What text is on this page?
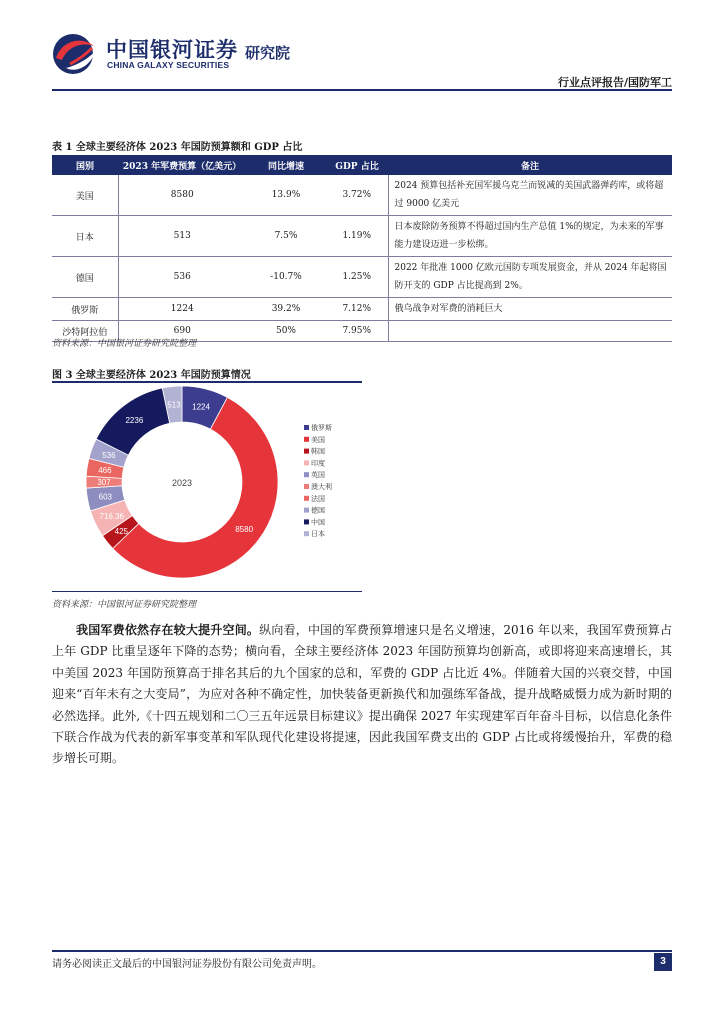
中国银河证券
CHINA GALAXY SECURITIES
研究院
行业点评报告/国防军工
表 1 全球主要经济体 2023 年国防预算额和 GDP 占比
国别	2023 年军费预算（亿美元）	同比增速	GDP 占比	备注
美国	8580	13.9%	3.72%	2024 预算包括补充国军援乌克兰而锐减的美国武器弹药库，或将超过 9000 亿美元
日本	513	7.5%	1.19%	日本废除防务预算不得超过国内生产总值 1%的规定，为未来的军事能力建设迈进一步松绑。
德国	536	-10.7%	1.25%	2022 年批准 1000 亿欧元国防专项发展资金，并从 2024 年起将国防开支的 GDP 占比提高到 2%。
俄罗斯	1224	39.2%	7.12%	俄乌战争对军费的消耗巨大
沙特阿拉伯	690	50%	7.95%	
资料来源：中国银河证券研究院整理
图 3 全球主要经济体 2023 年国防预算情况
1224
8580
425
716.36
603
307
466
536
2236
513
2023
俄罗斯
美国
韩国
印度
英国
澳大利
法国
德国
中国
日本
资料来源：中国银河证券研究院整理
我国军费依然存在较大提升空间。纵向看，中国的军费预算增速只是名义增速，2016 年以来，我国军费预算占上年 GDP 比重呈逐年下降的态势；横向看，全球主要经济体 2023 年国防预算均创新高，或即将迎来高速增长，其中美国 2023 年国防预算高于排名其后的九个国家的总和，军费的 GDP 占比近 4%。伴随着大国的兴衰交替，中国迎来“百年未有之大变局”，为应对各种不确定性，加快装备更新换代和加强练军备战，提升战略威慑力成为新时期的必然选择。此外,《十四五规划和二〇三五年远景目标建议》提出确保 2027 年实现建军百年奋斗目标，以信息化条件下联合作战为代表的新军事变革和军队现代化建设将提速，因此我国军费支出的 GDP 占比或将缓慢抬升，军费的稳步增长可期。
请务必阅读正文最后的中国银河证券股份有限公司免责声明。	3
